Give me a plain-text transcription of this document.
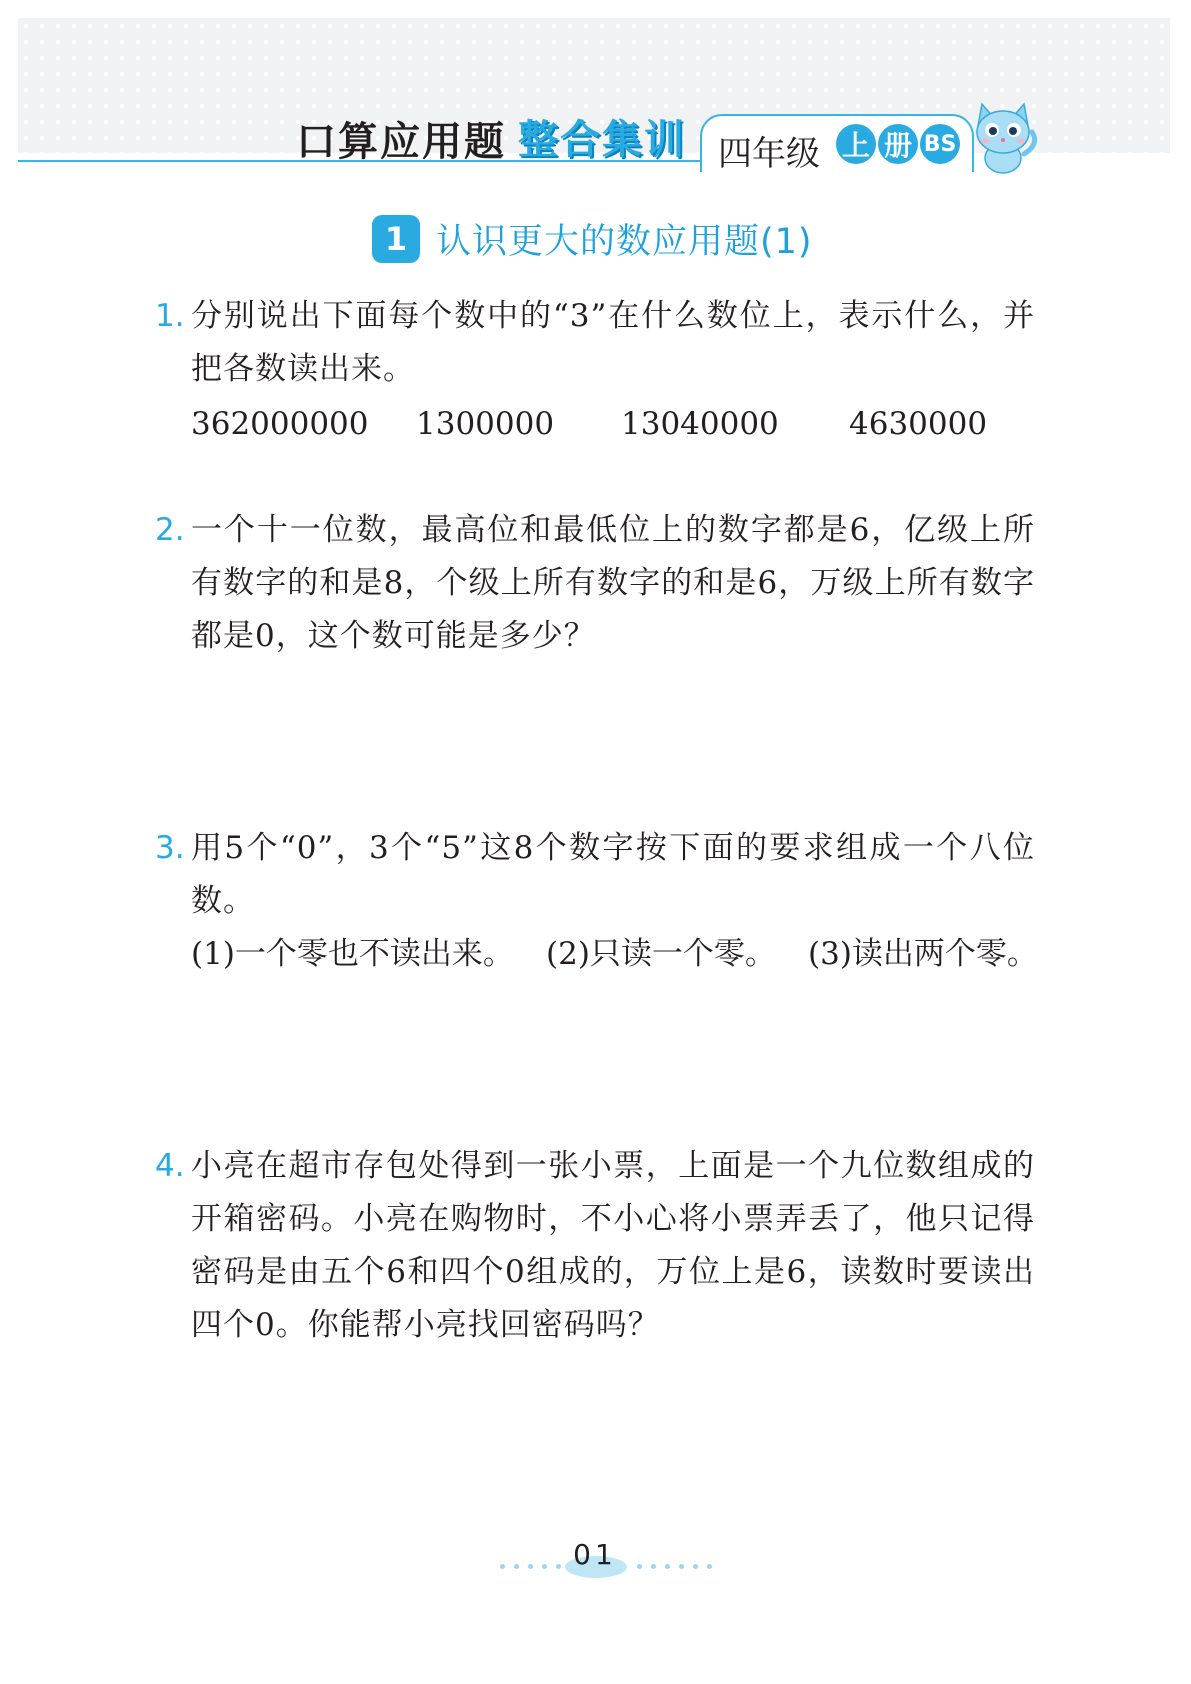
口算应用题 整合集训 四年级 上 册 BS
1 认识更大的数应用题(1)
1. 分别说出下面每个数中的“3”在什么数位上，表示什么，并把各数读出来。
362000000	1300000	13040000	4630000
2. 一个十一位数，最高位和最低位上的数字都是6，亿级上所有数字的和是8，个级上所有数字的和是6，万级上所有数字都是0，这个数可能是多少？
3. 用5个“0”，3个“5”这8个数字按下面的要求组成一个八位数。
(1)一个零也不读出来。	(2)只读一个零。	(3)读出两个零。
4. 小亮在超市存包处得到一张小票，上面是一个九位数组成的开箱密码。小亮在购物时，不小心将小票弄丢了，他只记得密码是由五个6和四个0组成的，万位上是6，读数时要读出四个0。你能帮小亮找回密码吗？
01
